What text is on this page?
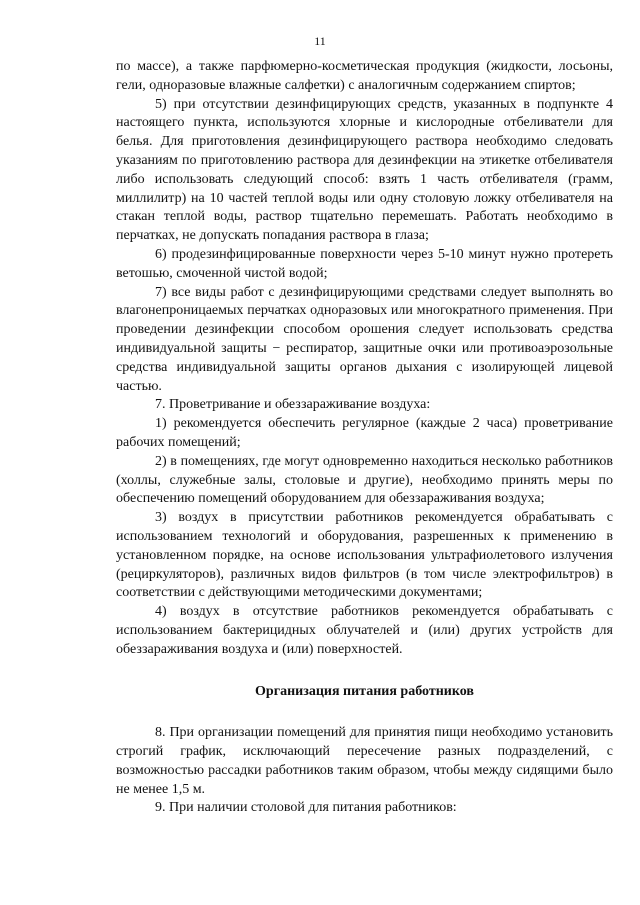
11

по массе), а также парфюмерно-косметическая продукция (жидкости, лосьоны, гели, одноразовые влажные салфетки) с аналогичным содержанием спиртов;

5) при отсутствии дезинфицирующих средств, указанных в подпункте 4 настоящего пункта, используются хлорные и кислородные отбеливатели для белья. Для приготовления дезинфицирующего раствора необходимо следовать указаниям по приготовлению раствора для дезинфекции на этикетке отбеливателя либо использовать следующий способ: взять 1 часть отбеливателя (грамм, миллилитр) на 10 частей теплой воды или одну столовую ложку отбеливателя на стакан теплой воды, раствор тщательно перемешать. Работать необходимо в перчатках, не допускать попадания раствора в глаза;

6) продезинфицированные поверхности через 5-10 минут нужно протереть ветошью, смоченной чистой водой;

7) все виды работ с дезинфицирующими средствами следует выполнять во влагонепроницаемых перчатках одноразовых или многократного применения. При проведении дезинфекции способом орошения следует использовать средства индивидуальной защиты − респиратор, защитные очки или противоаэрозольные средства индивидуальной защиты органов дыхания с изолирующей лицевой частью.

7. Проветривание и обеззараживание воздуха:

1) рекомендуется обеспечить регулярное (каждые 2 часа) проветривание рабочих помещений;

2) в помещениях, где могут одновременно находиться несколько работников (холлы, служебные залы, столовые и другие), необходимо принять меры по обеспечению помещений оборудованием для обеззараживания воздуха;

3) воздух в присутствии работников рекомендуется обрабатывать с использованием технологий и оборудования, разрешенных к применению в установленном порядке, на основе использования ультрафиолетового излучения (рециркуляторов), различных видов фильтров (в том числе электрофильтров) в соответствии с действующими методическими документами;

4) воздух в отсутствие работников рекомендуется обрабатывать с использованием бактерицидных облучателей и (или) других устройств для обеззараживания воздуха и (или) поверхностей.

Организация питания работников

8. При организации помещений для принятия пищи необходимо установить строгий график, исключающий пересечение разных подразделений, с возможностью рассадки работников таким образом, чтобы между сидящими было не менее 1,5 м.

9. При наличии столовой для питания работников:
